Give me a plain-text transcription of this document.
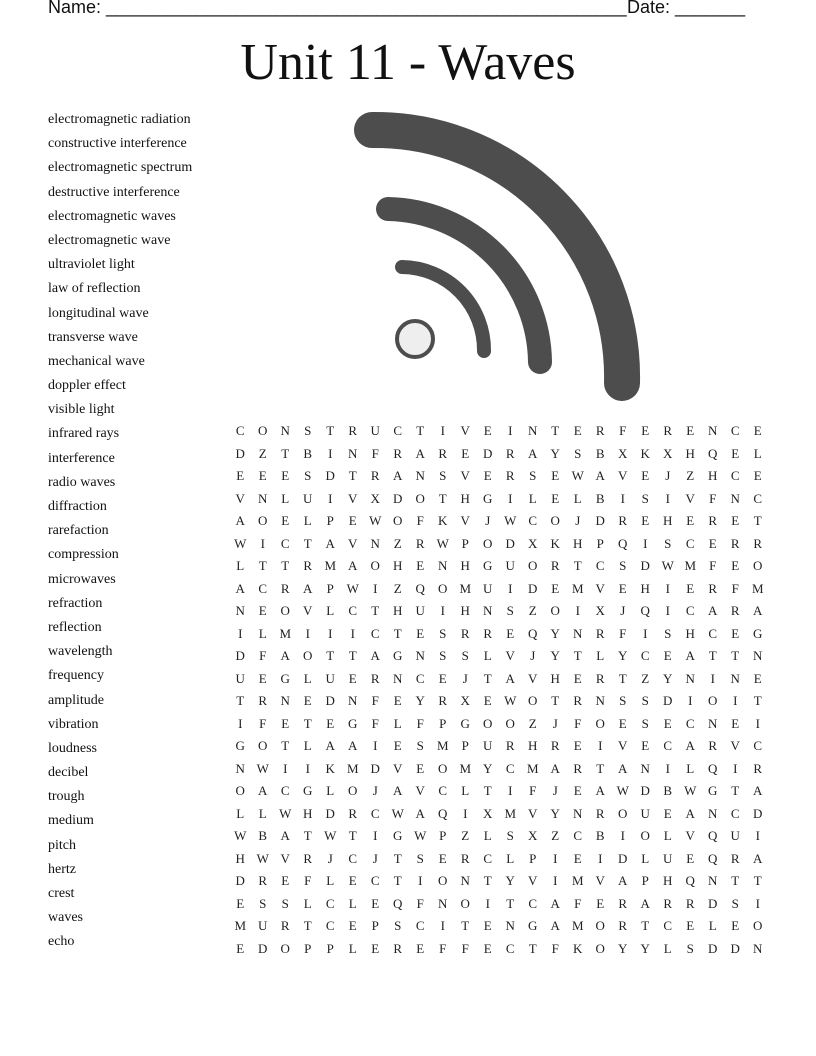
Name: ____________________________________________________ Date: _______
Unit 11 - Waves
electromagnetic radiation
constructive interference
electromagnetic spectrum
destructive interference
electromagnetic waves
electromagnetic wave
ultraviolet light
law of reflection
longitudinal wave
transverse wave
mechanical wave
doppler effect
visible light
infrared rays
interference
radio waves
diffraction
rarefaction
compression
microwaves
refraction
reflection
wavelength
frequency
amplitude
vibration
loudness
decibel
trough
medium
pitch
hertz
crest
waves
echo
C	O	N	S	T	R	U	C	T	I	V	E	I	N	T	E	R	F	E	R	E	N	C	E
D	Z	T	B	I	N	F	R	A	R	E	D	R	A	Y	S	B	X	K	X	H	Q	E	L
E	E	E	S	D	T	R	A	N	S	V	E	R	S	E	W	A	V	E	J	Z	H	C	E
V	N	L	U	I	V	X	D	O	T	H	G	I	L	E	L	B	I	S	I	V	F	N	C
A	O	E	L	P	E	W	O	F	K	V	J	W	C	O	J	D	R	E	H	E	R	E	T
W	I	C	T	A	V	N	Z	R	W	P	O	D	X	K	H	P	Q	I	S	C	E	R	R
L	T	T	R	M	A	O	H	E	N	H	G	U	O	R	T	C	S	D	W	M	F	E	O
A	C	R	A	P	W	I	Z	Q	O	M	U	I	D	E	M	V	E	H	I	E	R	F	M
N	E	O	V	L	C	T	H	U	I	H	N	S	Z	O	I	X	J	Q	I	C	A	R	A
I	L	M	I	I	I	C	T	E	S	R	R	E	Q	Y	N	R	F	I	S	H	C	E	G
D	F	A	O	T	T	A	G	N	S	S	L	V	J	Y	T	L	Y	C	E	A	T	T	N
U	E	G	L	U	E	R	N	C	E	J	T	A	V	H	E	R	T	Z	Y	N	I	N	E
T	R	N	E	D	N	F	E	Y	R	X	E	W	O	T	R	N	S	S	D	I	O	I	T
I	F	E	T	E	G	F	L	F	P	G	O	O	Z	J	F	O	E	S	E	C	N	E	I
G	O	T	L	A	A	I	E	S	M	P	U	R	H	R	E	I	V	E	C	A	R	V	C
N	W	I	I	K	M	D	V	E	O	M	Y	C	M	A	R	T	A	N	I	L	Q	I	R
O	A	C	G	L	O	J	A	V	C	L	T	I	F	J	E	A	W	D	B	W	G	T	A
L	L	W	H	D	R	C	W	A	Q	I	X	M	V	Y	N	R	O	U	E	A	N	C	D
W	B	A	T	W	T	I	G	W	P	Z	L	S	X	Z	C	B	I	O	L	V	Q	U	I
H	W	V	R	J	C	J	T	S	E	R	C	L	P	I	E	I	D	L	U	E	Q	R	A
D	R	E	F	L	E	C	T	I	O	N	T	Y	V	I	M	V	A	P	H	Q	N	T	T
E	S	S	L	C	L	E	Q	F	N	O	I	T	C	A	F	E	R	A	R	R	D	S	I
M	U	R	T	C	E	P	S	C	I	T	E	N	G	A	M	O	R	T	C	E	L	E	O
E	D	O	P	P	L	E	R	E	F	F	E	C	T	F	K	O	Y	Y	L	S	D	D	N
